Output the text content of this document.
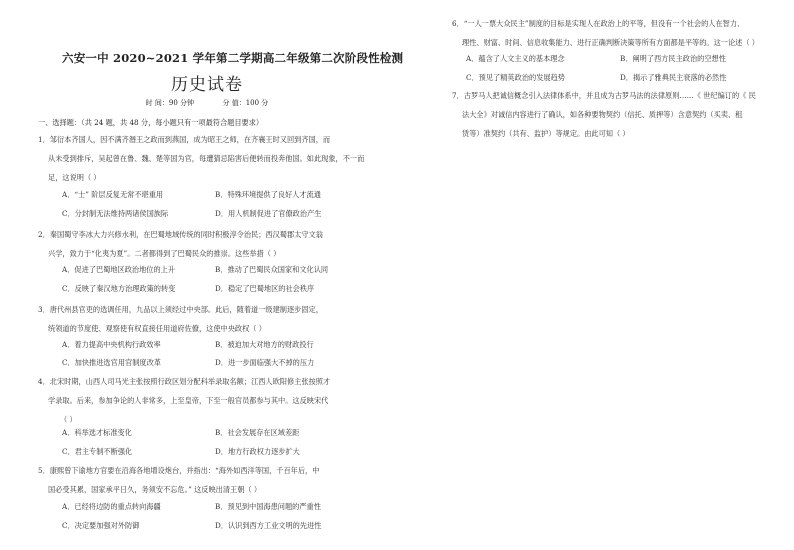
六安一中 2020~2021 学年第二学期高二年级第二次阶段性检测
历史试卷
时 间：90 分钟	分 值：100 分
一、选择题：（共 24 题，共 48 分，每小题只有一项最符合题目要求）

1．邹衍本齐国人，因不满齐湣王之政而到燕国，成为昭王之师，在齐襄王时又回到齐国，而

从未受到排斥，吴起曾在鲁、魏、楚等国为官，每遭猜忌陷害后便转而投奔他国。如此现象，不一而

足，这说明（ ）

A．“士” 阶层反复无常不堪重用	B．特殊环境提供了良好人才流通
C．分封制无法维持两诸侯国族际	D．用人机制促进了官僚政治产生

2．秦国蜀守李冰大力兴修水利，在巴蜀地域传统的同时积极淳令治民；西汉蜀郡太守文翁

兴学，致力于“化夷为夏”。二者都得到了巴蜀民众的推崇。这些举措（ ）

A．促进了巴蜀地区政治地位的上升	B．推动了巴蜀民众国家和文化认同
C．反映了秦汉地方治理政策的转变	D．稳定了巴蜀地区的社会秩序

3．唐代州县官吏的选调任用，九品以上须经过中央部。此后，随着道一级建制逐步固定，

统领道的节度使、观察使有权直接任用道府佐僚，这使中央政权（ ）

A．着力提高中央机构行政效率	B．被迫加大对地方的财政投行
C．加快推进选官用官制度改革	D．进一步面临强大不掉的压力

4．北宋时期，山西人司马光主张按照行政区划分配科举录取名额；江西人欧阳修主张按照才

学录取。后来，参加争论的人非常多，上至皇帝，下至一般官员都参与其中。这反映宋代

（ ）

A．科举选才标准变化	B．社会发展存在区域差距
C．君主专制不断强化	D．地方行政权力逐步扩大

5．康熙曾下谕地方官要在沿海各地增设炮台，并指出：“海外如西洋等国，千百年后，中

国必受其累，国家承平日久，务须安不忘危。” 这反映出清王朝（ ）

A．已经将边防的重点转向海疆	B．预见到中国海患问题的严重性
C．决定要加强对外防御	D．认识到西方工业文明的先进性

6．“一人一票大众民主”制度的目标是实现人在政治上的平等，但没有一个社会的人在智力、

理性、财富、时间、信息收集能力、进行正确判断决策等所有方面都是平等的。这一论述（ ）

A．蕴含了人文主义的基本理念	B．阐明了西方民主政治的空想性
C．预见了精英政治的发展趋势	D．揭示了雅典民主衰落的必然性

7．古罗马人把诚信概念引入法律体系中，并且成为古罗马法的法律原则……《 世纪编订的《 民

法大全》对诚信内容进行了确认，如各种要物契约（信托、质押等）含意契约（买卖、租

赁等）准契约（共有、监护）等规定。由此可知（ ）
